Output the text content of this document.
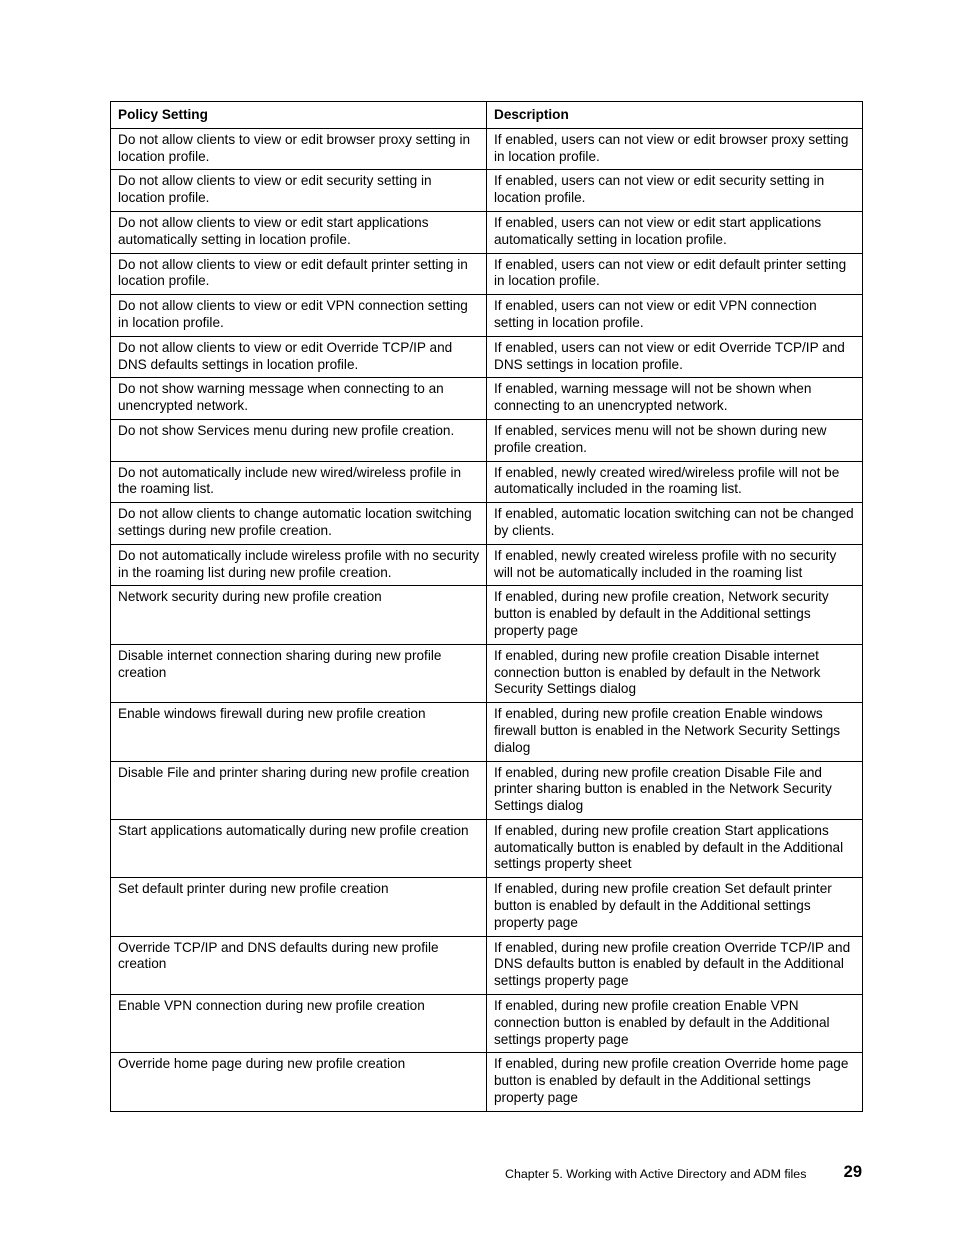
Policy Setting	Description
Do not allow clients to view or edit browser proxy setting in location profile.	If enabled, users can not view or edit browser proxy setting in location profile.
Do not allow clients to view or edit security setting in location profile.	If enabled, users can not view or edit security setting in location profile.
Do not allow clients to view or edit start applications automatically setting in location profile.	If enabled, users can not view or edit start applications automatically setting in location profile.
Do not allow clients to view or edit default printer setting in location profile.	If enabled, users can not view or edit default printer setting in location profile.
Do not allow clients to view or edit VPN connection setting in location profile.	If enabled, users can not view or edit VPN connection setting in location profile.
Do not allow clients to view or edit Override TCP/IP and DNS defaults settings in location profile.	If enabled, users can not view or edit Override TCP/IP and DNS settings in location profile.
Do not show warning message when connecting to an unencrypted network.	If enabled, warning message will not be shown when connecting to an unencrypted network.
Do not show Services menu during new profile creation.	If enabled, services menu will not be shown during new profile creation.
Do not automatically include new wired/wireless profile in the roaming list.	If enabled, newly created wired/wireless profile will not be automatically included in the roaming list.
Do not allow clients to change automatic location switching settings during new profile creation.	If enabled, automatic location switching can not be changed by clients.
Do not automatically include wireless profile with no security in the roaming list during new profile creation.	If enabled, newly created wireless profile with no security will not be automatically included in the roaming list
Network security during new profile creation	If enabled, during new profile creation, Network security button is enabled by default in the Additional settings property page
Disable internet connection sharing during new profile creation	If enabled, during new profile creation Disable internet connection button is enabled by default in the Network Security Settings dialog
Enable windows firewall during new profile creation	If enabled, during new profile creation Enable windows firewall button is enabled in the Network Security Settings dialog
Disable File and printer sharing during new profile creation	If enabled, during new profile creation Disable File and printer sharing button is enabled in the Network Security Settings dialog
Start applications automatically during new profile creation	If enabled, during new profile creation Start applications automatically button is enabled by default in the Additional settings property sheet
Set default printer during new profile creation	If enabled, during new profile creation Set default printer button is enabled by default in the Additional settings property page
Override TCP/IP and DNS defaults during new profile creation	If enabled, during new profile creation Override TCP/IP and DNS defaults button is enabled by default in the Additional settings property page
Enable VPN connection during new profile creation	If enabled, during new profile creation Enable VPN connection button is enabled by default in the Additional settings property page
Override home page during new profile creation	If enabled, during new profile creation Override home page button is enabled by default in the Additional settings property page
Chapter 5. Working with Active Directory and ADM files 29
